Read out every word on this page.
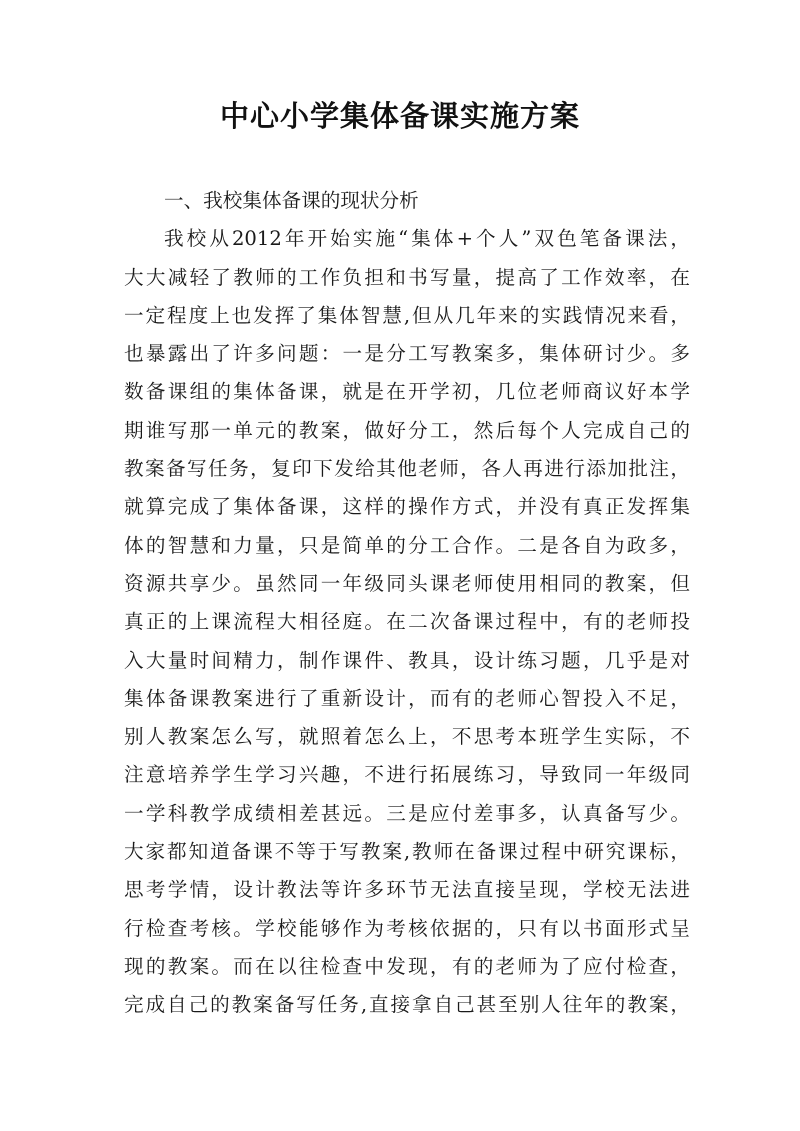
中心小学集体备课实施方案
一、我校集体备课的现状分析
我校从2012年开始实施“集体+个人”双色笔备课法，
大大减轻了教师的工作负担和书写量，提高了工作效率，在
一定程度上也发挥了集体智慧,但从几年来的实践情况来看，
也暴露出了许多问题：一是分工写教案多，集体研讨少。多
数备课组的集体备课，就是在开学初，几位老师商议好本学
期谁写那一单元的教案，做好分工，然后每个人完成自己的
教案备写任务，复印下发给其他老师，各人再进行添加批注，
就算完成了集体备课，这样的操作方式，并没有真正发挥集
体的智慧和力量，只是简单的分工合作。二是各自为政多，
资源共享少。虽然同一年级同头课老师使用相同的教案，但
真正的上课流程大相径庭。在二次备课过程中，有的老师投
入大量时间精力，制作课件、教具，设计练习题，几乎是对
集体备课教案进行了重新设计，而有的老师心智投入不足，
别人教案怎么写，就照着怎么上，不思考本班学生实际，不
注意培养学生学习兴趣，不进行拓展练习，导致同一年级同
一学科教学成绩相差甚远。三是应付差事多，认真备写少。
大家都知道备课不等于写教案,教师在备课过程中研究课标，
思考学情，设计教法等许多环节无法直接呈现，学校无法进
行检查考核。学校能够作为考核依据的，只有以书面形式呈
现的教案。而在以往检查中发现，有的老师为了应付检查，
完成自己的教案备写任务,直接拿自己甚至别人往年的教案，
